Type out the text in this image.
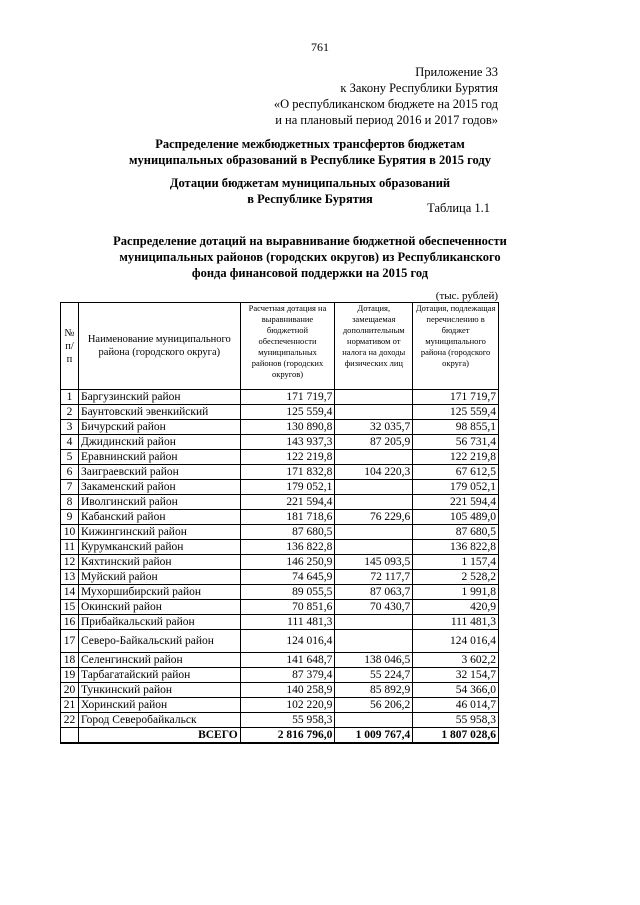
761
Приложение 33
к Закону Республики Бурятия
«О республиканском бюджете на 2015 год
и на плановый период 2016 и 2017 годов»
Распределение межбюджетных трансфертов бюджетам
муниципальных образований в Республике Бурятия в 2015 году
Дотации бюджетам муниципальных образований
в Республике Бурятия
Таблица 1.1
Распределение дотаций на выравнивание бюджетной обеспеченности
муниципальных районов (городских округов) из Республиканского
фонда финансовой поддержки на 2015 год
(тыс. рублей)
№ п/п	Наименование муниципального района (городского округа)	Расчетная дотация на выравнивание бюджетной обеспеченности муниципальных районов (городских округов)	Дотация, замещаемая дополнительным нормативом от налога на доходы физических лиц	Дотация, подлежащая перечислению в бюджет муниципального района (городского округа)
1	Баргузинский район	171 719,7		171 719,7
2	Баунтовский эвенкийский	125 559,4		125 559,4
3	Бичурский район	130 890,8	32 035,7	98 855,1
4	Джидинский район	143 937,3	87 205,9	56 731,4
5	Еравнинский район	122 219,8		122 219,8
6	Заиграевский район	171 832,8	104 220,3	67 612,5
7	Закаменский район	179 052,1		179 052,1
8	Иволгинский район	221 594,4		221 594,4
9	Кабанский район	181 718,6	76 229,6	105 489,0
10	Кижингинский район	87 680,5		87 680,5
11	Курумканский район	136 822,8		136 822,8
12	Кяхтинский район	146 250,9	145 093,5	1 157,4
13	Муйский район	74 645,9	72 117,7	2 528,2
14	Мухоршибирский район	89 055,5	87 063,7	1 991,8
15	Окинский район	70 851,6	70 430,7	420,9
16	Прибайкальский район	111 481,3		111 481,3
17	Северо-Байкальский район	124 016,4		124 016,4
18	Селенгинский район	141 648,7	138 046,5	3 602,2
19	Тарбагатайский район	87 379,4	55 224,7	32 154,7
20	Тункинский район	140 258,9	85 892,9	54 366,0
21	Хоринский район	102 220,9	56 206,2	46 014,7
22	Город Северобайкальск	55 958,3		55 958,3
	ВСЕГО	2 816 796,0	1 009 767,4	1 807 028,6
